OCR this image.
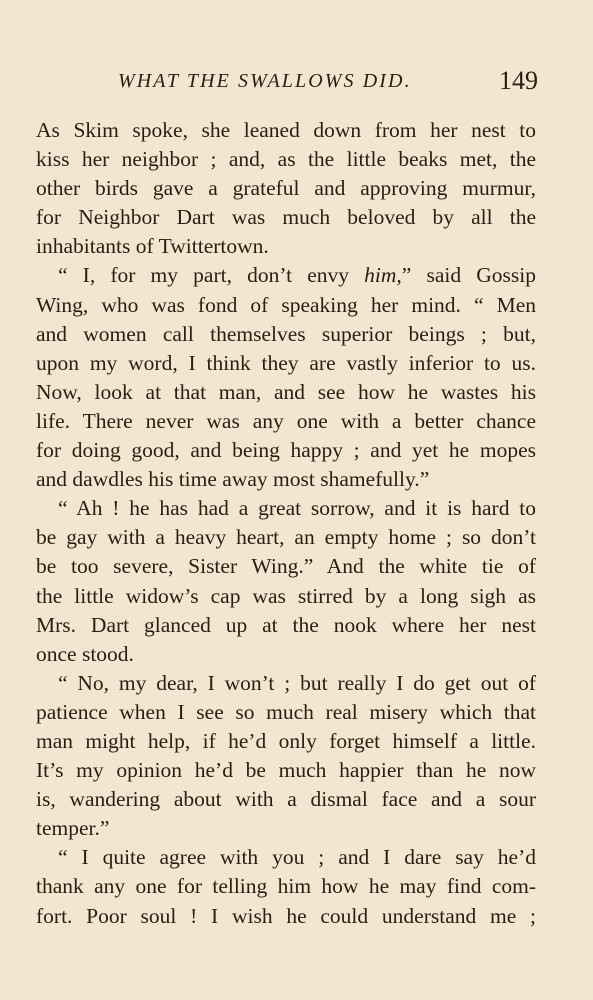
WHAT THE SWALLOWS DID.	149
As Skim spoke, she leaned down from her nest to
kiss her neighbor ; and, as the little beaks met, the
other birds gave a grateful and approving murmur,
for Neighbor Dart was much beloved by all the
inhabitants of Twittertown.
“ I, for my part, don’t envy him,” said Gossip
Wing, who was fond of speaking her mind. “ Men
and women call themselves superior beings ; but,
upon my word, I think they are vastly inferior to us.
Now, look at that man, and see how he wastes his
life. There never was any one with a better chance
for doing good, and being happy ; and yet he mopes
and dawdles his time away most shamefully.”
“ Ah ! he has had a great sorrow, and it is hard to
be gay with a heavy heart, an empty home ; so don’t
be too severe, Sister Wing.” And the white tie of
the little widow’s cap was stirred by a long sigh as
Mrs. Dart glanced up at the nook where her nest
once stood.
“ No, my dear, I won’t ; but really I do get out of
patience when I see so much real misery which that
man might help, if he’d only forget himself a little.
It’s my opinion he’d be much happier than he now
is, wandering about with a dismal face and a sour
temper.”
“ I quite agree with you ; and I dare say he’d
thank any one for telling him how he may find com-
fort. Poor soul ! I wish he could understand me ;
